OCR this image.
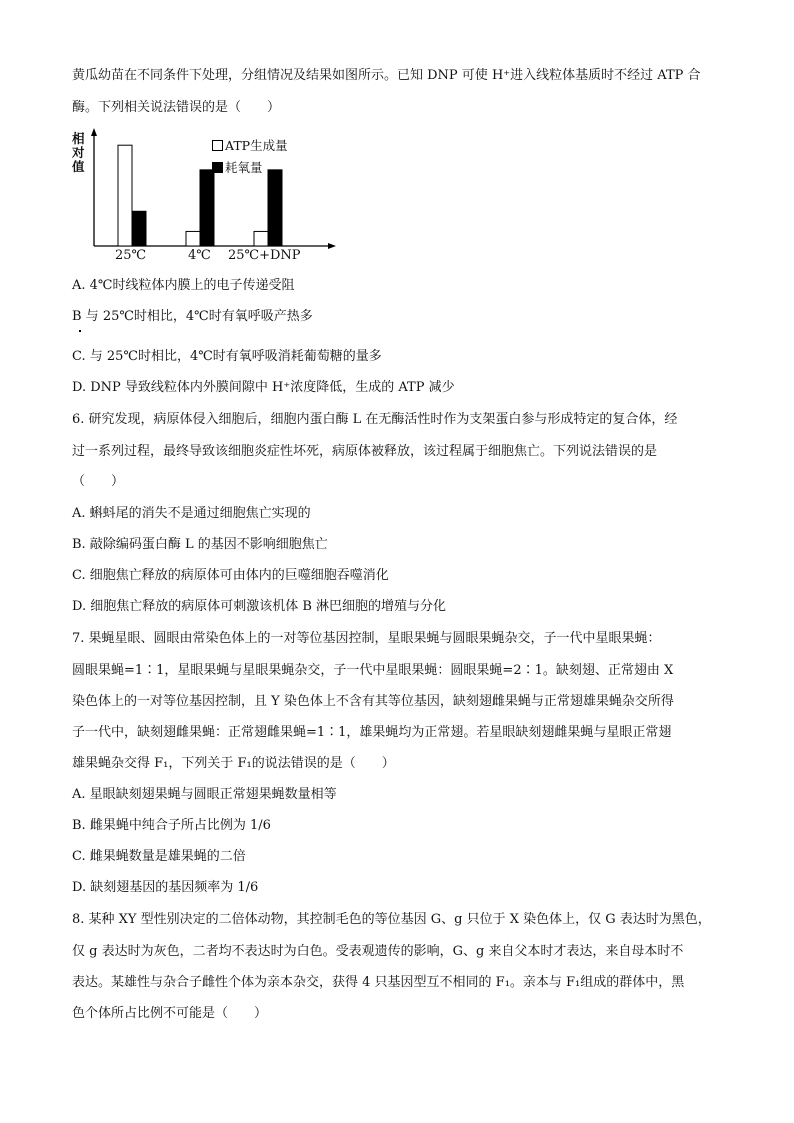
黄瓜幼苗在不同条件下处理，分组情况及结果如图所示。已知 DNP 可使 H⁺进入线粒体基质时不经过 ATP 合
酶。下列相关说法错误的是（　　）
相对值
ATP生成量
耗氧量
25℃	4℃ 25℃+DNP
A. 4℃时线粒体内膜上的电子传递受阻
B 与 25℃时相比，4℃时有氧呼吸产热多
C. 与 25℃时相比，4℃时有氧呼吸消耗葡萄糖的量多
D. DNP 导致线粒体内外膜间隙中 H⁺浓度降低，生成的 ATP 减少
6. 研究发现，病原体侵入细胞后，细胞内蛋白酶 L 在无酶活性时作为支架蛋白参与形成特定的复合体，经
过一系列过程，最终导致该细胞炎症性坏死，病原体被释放，该过程属于细胞焦亡。下列说法错误的是
（　　）
A. 蝌蚪尾的消失不是通过细胞焦亡实现的
B. 敲除编码蛋白酶 L 的基因不影响细胞焦亡
C. 细胞焦亡释放的病原体可由体内的巨噬细胞吞噬消化
D. 细胞焦亡释放的病原体可刺激该机体 B 淋巴细胞的增殖与分化
7. 果蝇星眼、圆眼由常染色体上的一对等位基因控制，星眼果蝇与圆眼果蝇杂交，子一代中星眼果蝇：
圆眼果蝇=1∶1，星眼果蝇与星眼果蝇杂交，子一代中星眼果蝇：圆眼果蝇=2∶1。缺刻翅、正常翅由 X
染色体上的一对等位基因控制，且 Y 染色体上不含有其等位基因，缺刻翅雌果蝇与正常翅雄果蝇杂交所得
子一代中，缺刻翅雌果蝇：正常翅雌果蝇=1∶1，雄果蝇均为正常翅。若星眼缺刻翅雌果蝇与星眼正常翅
雄果蝇杂交得 F₁，下列关于 F₁的说法错误的是（　　）
A. 星眼缺刻翅果蝇与圆眼正常翅果蝇数量相等
B. 雌果蝇中纯合子所占比例为 1/6
C. 雌果蝇数量是雄果蝇的二倍
D. 缺刻翅基因的基因频率为 1/6
8. 某种 XY 型性别决定的二倍体动物，其控制毛色的等位基因 G、g 只位于 X 染色体上，仅 G 表达时为黑色，
仅 g 表达时为灰色，二者均不表达时为白色。受表观遗传的影响，G、g 来自父本时才表达，来自母本时不
表达。某雄性与杂合子雌性个体为亲本杂交，获得 4 只基因型互不相同的 F₁。亲本与 F₁组成的群体中，黑
色个体所占比例不可能是（　　）
